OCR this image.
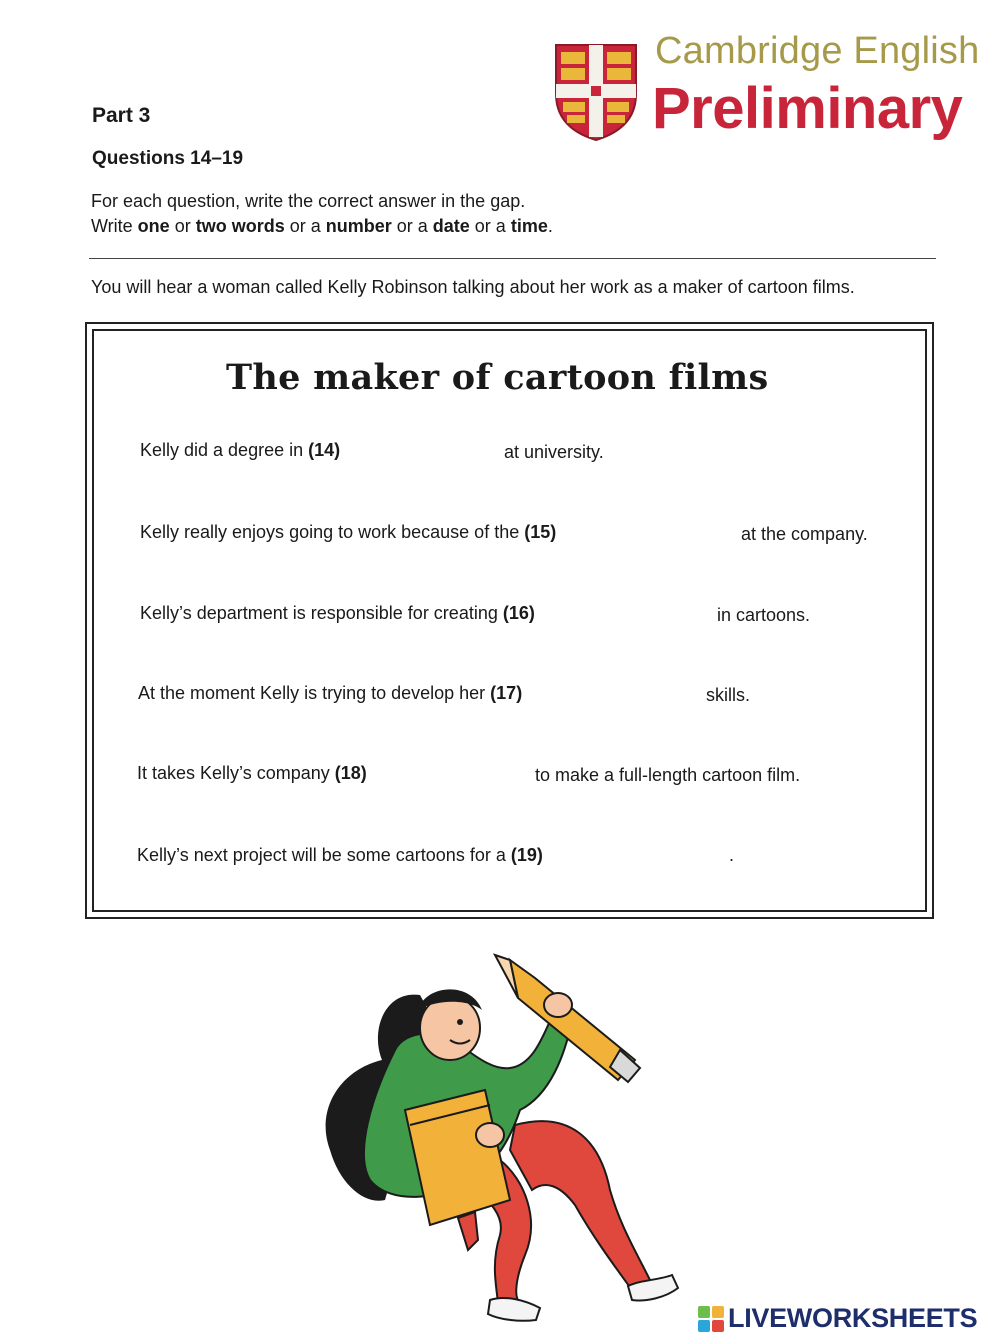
Cambridge English
Preliminary
Part 3
Questions 14–19
For each question, write the correct answer in the gap.
Write one or two words or a number or a date or a time.
You will hear a woman called Kelly Robinson talking about her work as a maker of cartoon films.
The maker of cartoon films
Kelly did a degree in (14)	at university.
Kelly really enjoys going to work because of the (15)	at the company.
Kelly’s department is responsible for creating (16)	in cartoons.
At the moment Kelly is trying to develop her (17)	skills.
It takes Kelly’s company (18)	to make a full-length cartoon film.
Kelly’s next project will be some cartoons for a (19)	.
LIVEWORKSHEETS
